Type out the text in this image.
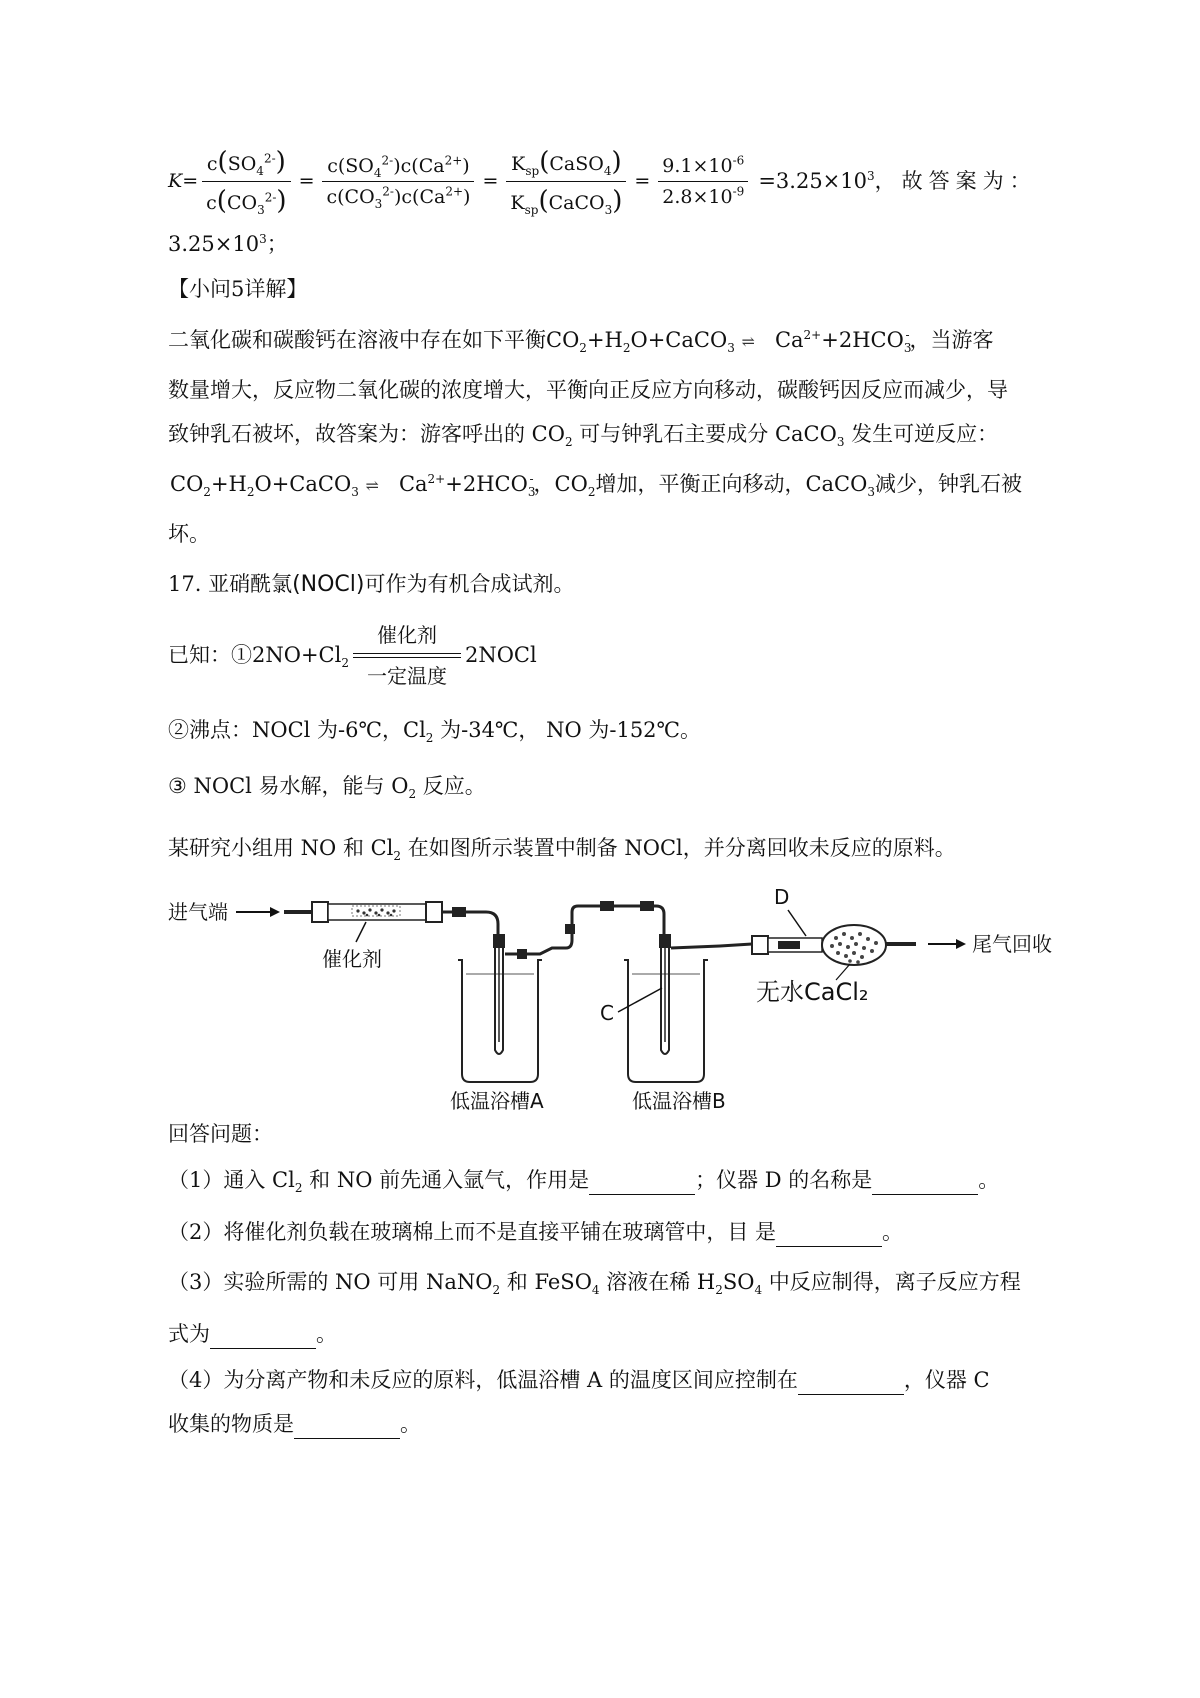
$K= \frac{c(SO_4^{2-})}{c(CO_3^{2-})} = \frac{c(SO_4^{2-})c(Ca^{2+})}{c(CO_3^{2-})c(Ca^{2+})} = \frac{K_{sp}(CaSO_4)}{K_{sp}(CaCO_3)} = \frac{9.1\times 10^{-6}}{2.8\times 10^{-9}} =3.25\times 10^3$，故答案为：
$3.25\times 10^3$；
【小问5详解】
二氧化碳和碳酸钙在溶液中存在如下平衡$CO_2+H_2O+CaCO_3$ ⇌ $Ca^{2+}+2HCO_3^-$，当游客
数量增大，反应物二氧化碳的浓度增大，平衡向正反应方向移动，碳酸钙因反应而减少，导
致钟乳石被坏，故答案为：游客呼出的 $CO_2$ 可与钟乳石主要成分 CaCO$_3$ 发生可逆反应：
$CO_2+H_2O+CaCO_3$ ⇌ $Ca^{2+}+2HCO_3^-$，$CO_2$增加，平衡正向移动，CaCO$_3$减少，钟乳石被
坏。
17. 亚硝酰氯(NOCl)可作为有机合成试剂。
已知：① $2NO+Cl_2$
催化剂
一定温度
2NOCl
②沸点：NOCl 为-6℃，$Cl_2$ 为-34℃， NO 为-152℃。
③ NOCl 易水解，能与 $O_2$ 反应。
某研究小组用 NO 和 $Cl_2$ 在如图所示装置中制备 NOCl，并分离回收未反应的原料。
进气端
催化剂
C
D
无水CaCl₂
尾气回收
低温浴槽A	低温浴槽B
回答问题：
（1）通入 $Cl_2$ 和 NO 前先通入氩气，作用是	；仪器 D 的名称是	。
（2）将催化剂负载在玻璃棉上而不是直接平铺在玻璃管中，目 是	。
（3）实验所需的 NO 可用 NaNO$_2$ 和 FeSO$_4$ 溶液在稀 $H_2SO_4$ 中反应制得，离子反应方程
式为	。
（4）为分离产物和未反应的原料，低温浴槽 A 的温度区间应控制在	，仪器 C
收集的物质是	。
